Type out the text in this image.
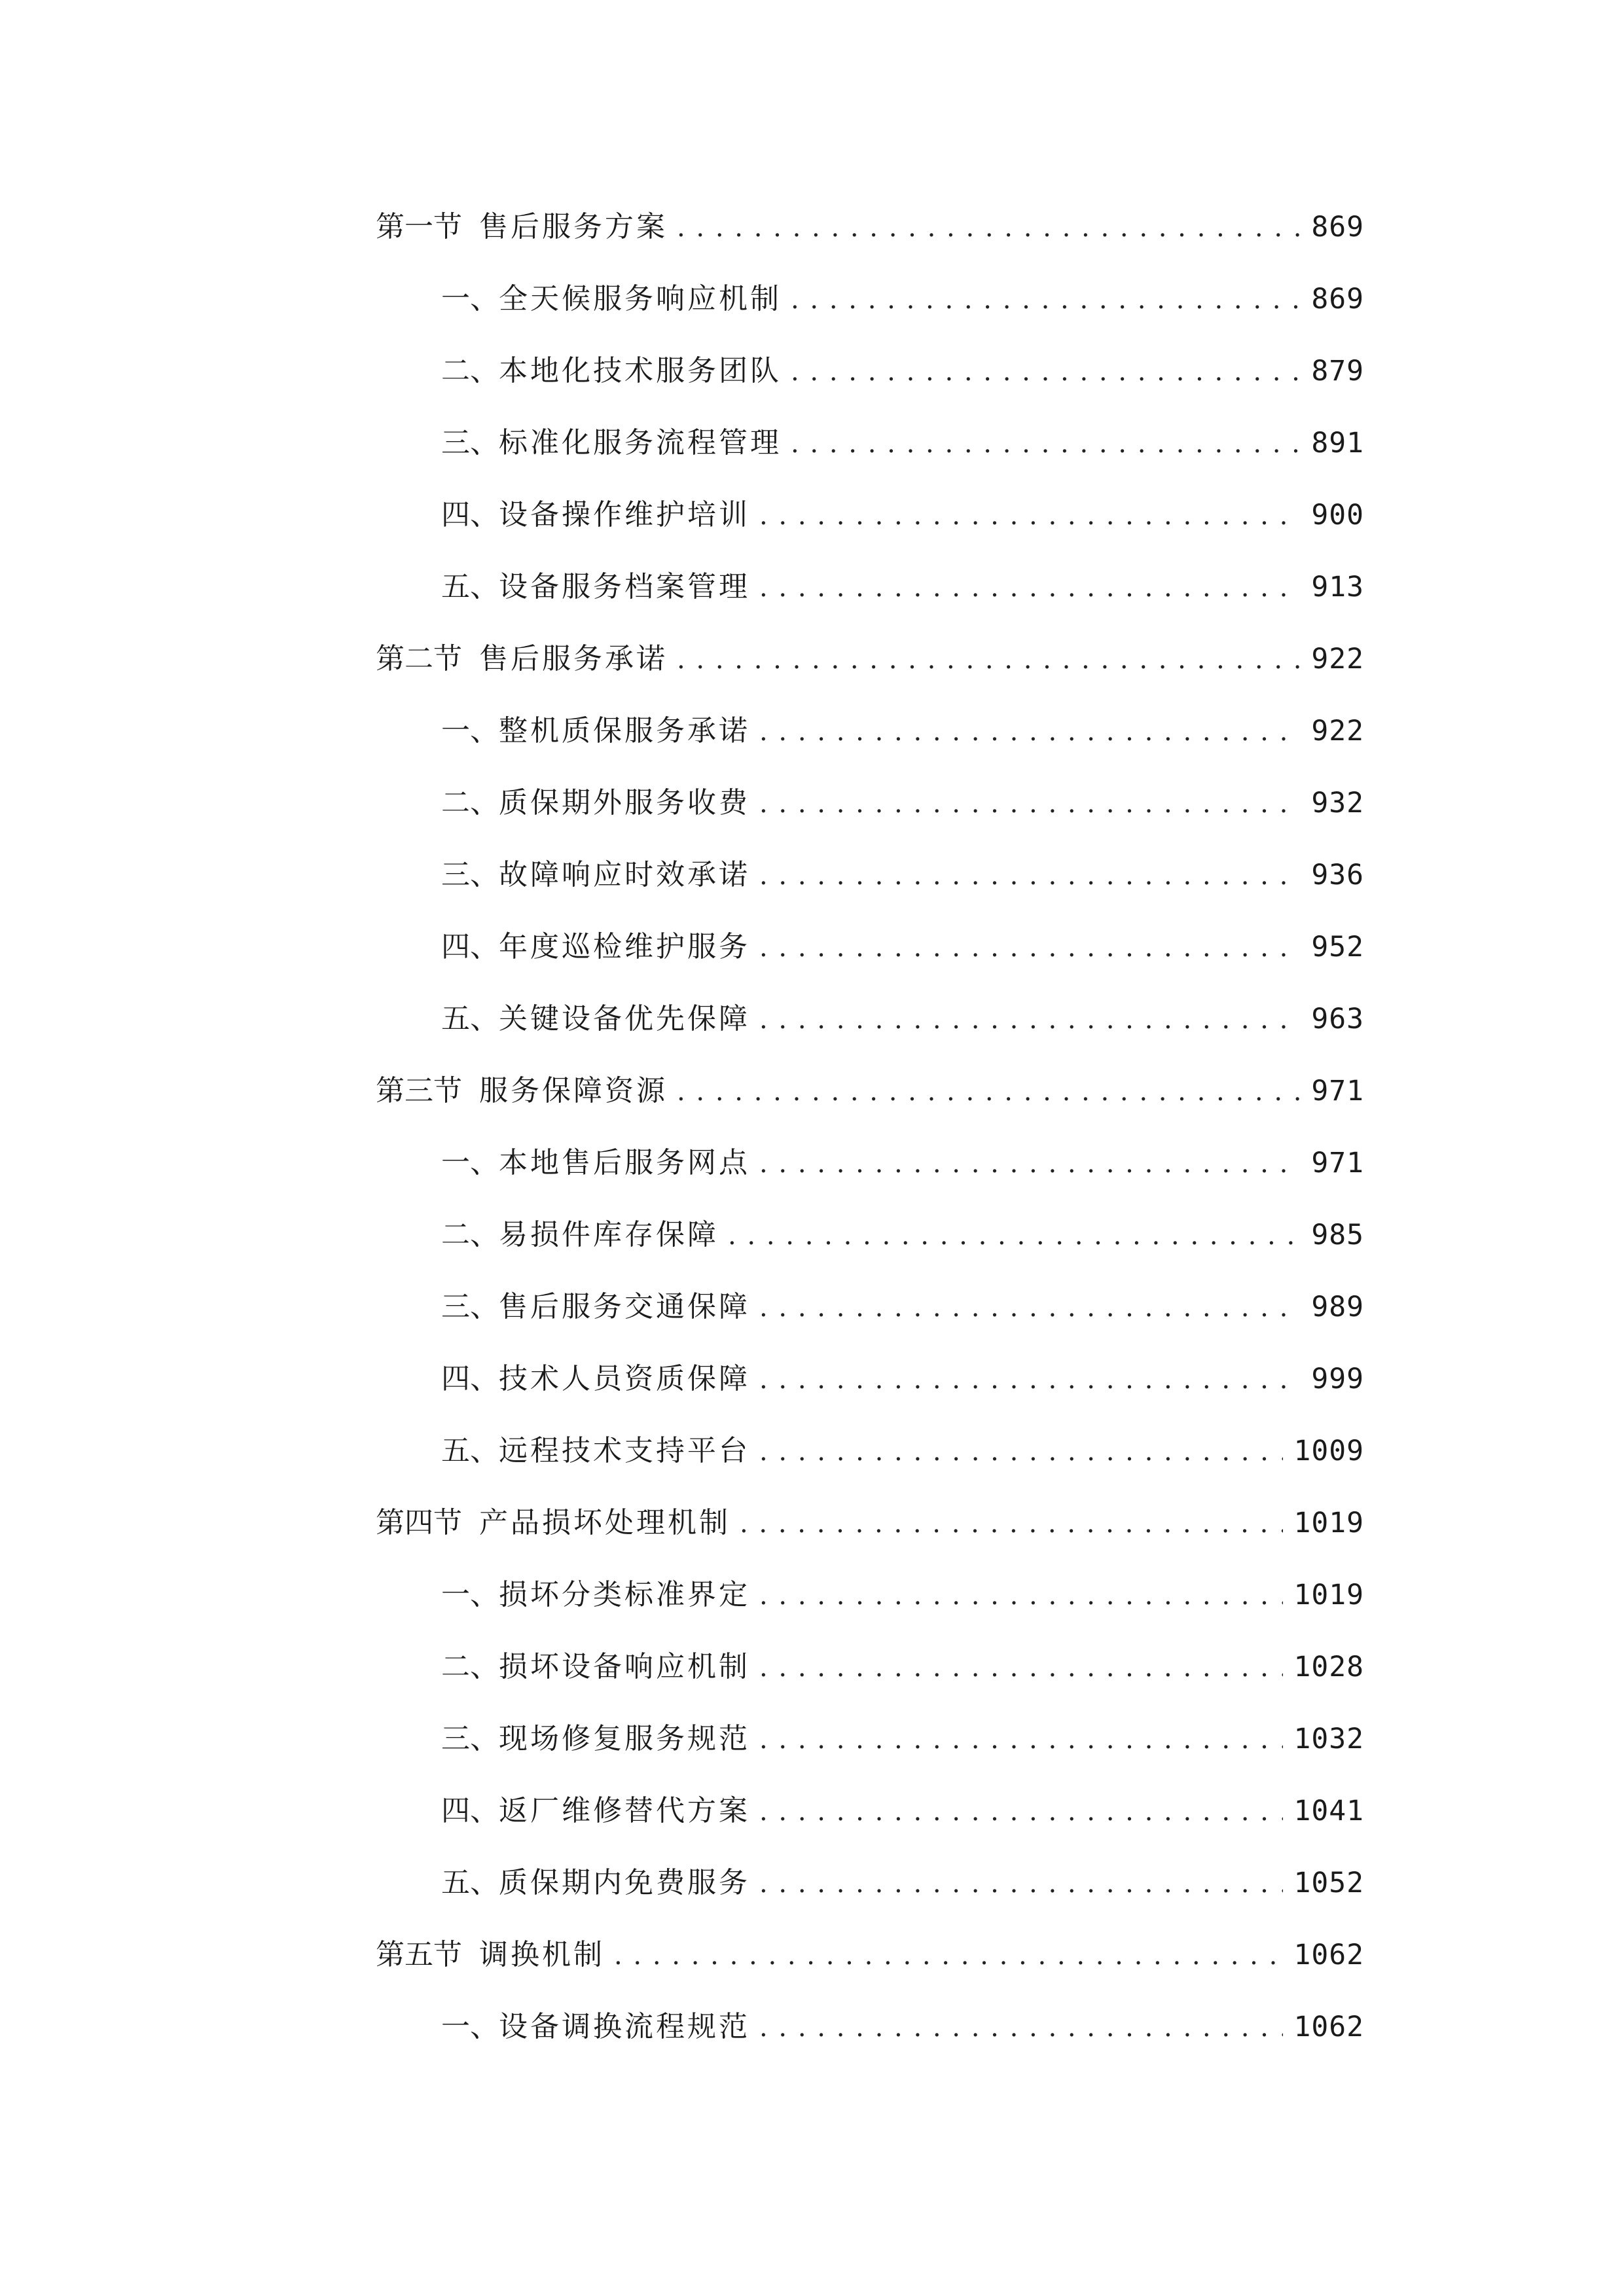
第一节 售后服务方案 . . .	869
一、 全天候服务响应机制 . . .	869
二、 本地化技术服务团队 . . .	879
三、 标准化服务流程管理 . . .	891
四、 设备操作维护培训 . . .	900
五、 设备服务档案管理 . . .	913
第二节 售后服务承诺 . . .	922
一、 整机质保服务承诺 . . .	922
二、 质保期外服务收费 . . .	932
三、 故障响应时效承诺 . . .	936
四、 年度巡检维护服务 . . .	952
五、 关键设备优先保障 . . .	963
第三节 服务保障资源 . . .	971
一、 本地售后服务网点 . . .	971
二、 易损件库存保障 . . .	985
三、 售后服务交通保障 . . .	989
四、 技术人员资质保障 . . .	999
五、 远程技术支持平台 . . .	1009
第四节 产品损坏处理机制 . . .	1019
一、 损坏分类标准界定 . . .	1019
二、 损坏设备响应机制 . . .	1028
三、 现场修复服务规范 . . .	1032
四、 返厂维修替代方案 . . .	1041
五、 质保期内免费服务 . . .	1052
第五节 调换机制 . . .	1062
一、 设备调换流程规范 . . .	1062
